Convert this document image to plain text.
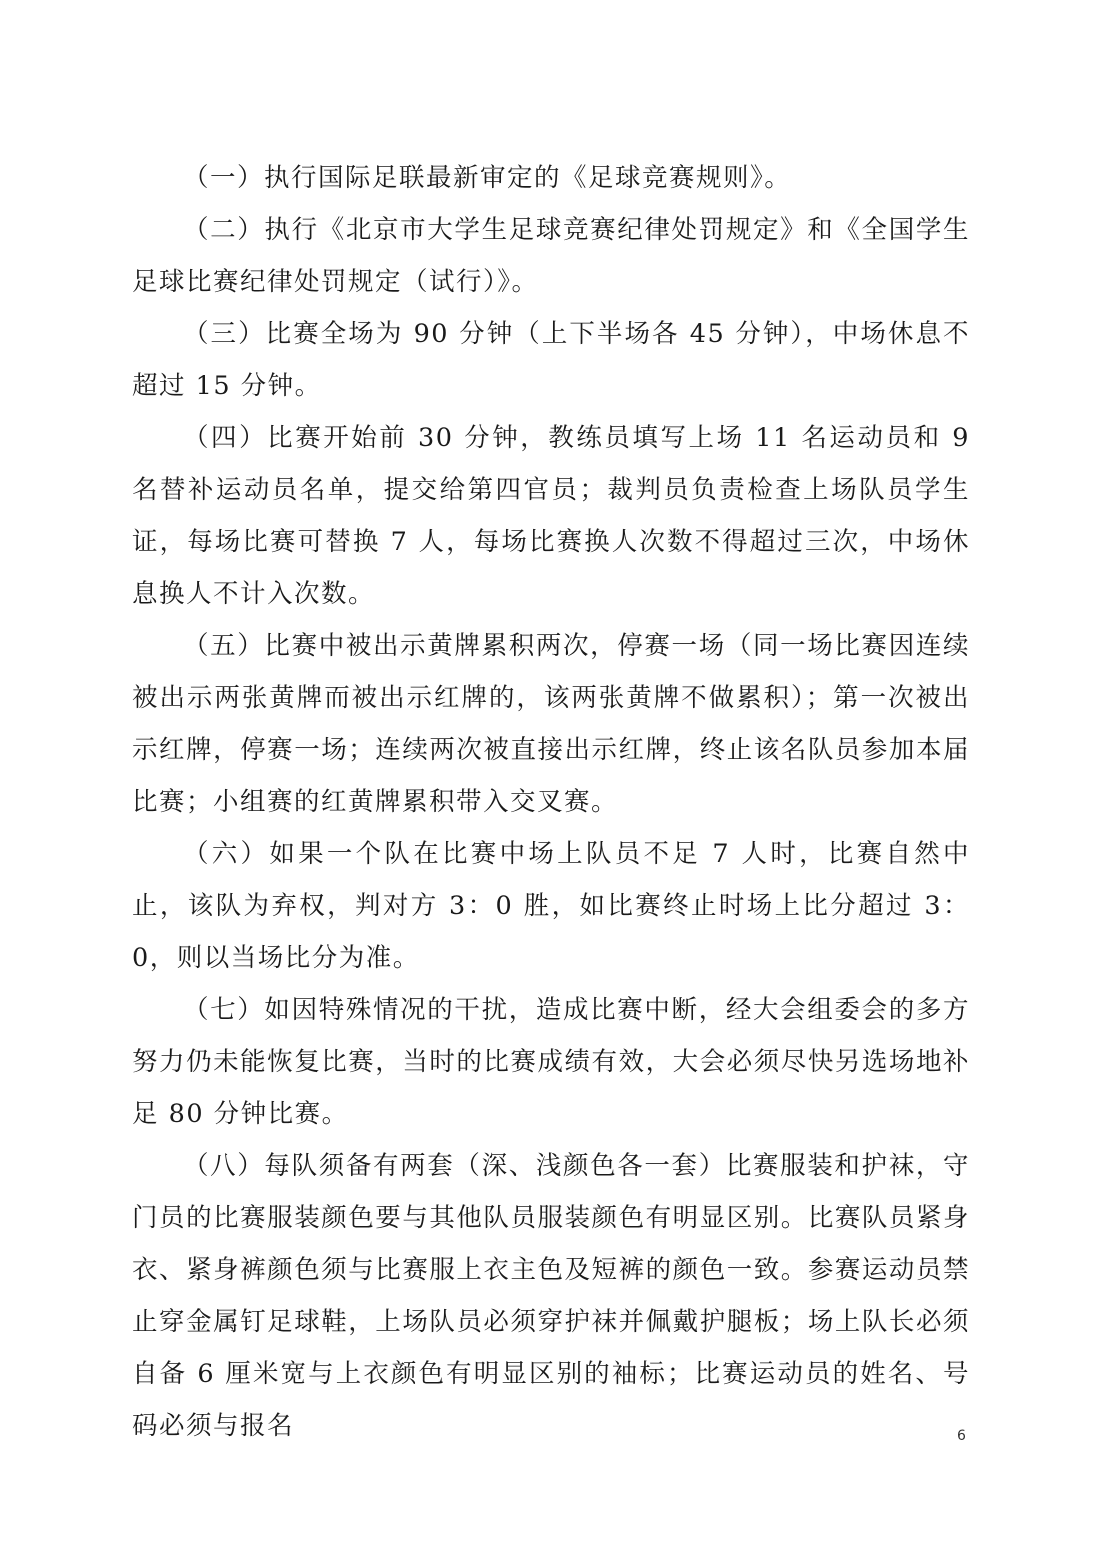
（一）执行国际足联最新审定的《足球竞赛规则》。

（二）执行《北京市大学生足球竞赛纪律处罚规定》和《全国学生足球比赛纪律处罚规定（试行）》。

（三）比赛全场为 90 分钟（上下半场各 45 分钟），中场休息不超过 15 分钟。

（四）比赛开始前 30 分钟，教练员填写上场 11 名运动员和 9 名替补运动员名单，提交给第四官员；裁判员负责检查上场队员学生证，每场比赛可替换 7 人，每场比赛换人次数不得超过三次，中场休息换人不计入次数。

（五）比赛中被出示黄牌累积两次，停赛一场（同一场比赛因连续被出示两张黄牌而被出示红牌的，该两张黄牌不做累积）；第一次被出示红牌，停赛一场；连续两次被直接出示红牌，终止该名队员参加本届比赛；小组赛的红黄牌累积带入交叉赛。

（六）如果一个队在比赛中场上队员不足 7 人时，比赛自然中止，该队为弃权，判对方 3：0 胜，如比赛终止时场上比分超过 3：0，则以当场比分为准。

（七）如因特殊情况的干扰，造成比赛中断，经大会组委会的多方努力仍未能恢复比赛，当时的比赛成绩有效，大会必须尽快另选场地补足 80 分钟比赛。

（八）每队须备有两套（深、浅颜色各一套）比赛服装和护袜，守门员的比赛服装颜色要与其他队员服装颜色有明显区别。比赛队员紧身衣、紧身裤颜色须与比赛服上衣主色及短裤的颜色一致。参赛运动员禁止穿金属钉足球鞋，上场队员必须穿护袜并佩戴护腿板；场上队长必须自备 6 厘米宽与上衣颜色有明显区别的袖标；比赛运动员的姓名、号码必须与报名	6
